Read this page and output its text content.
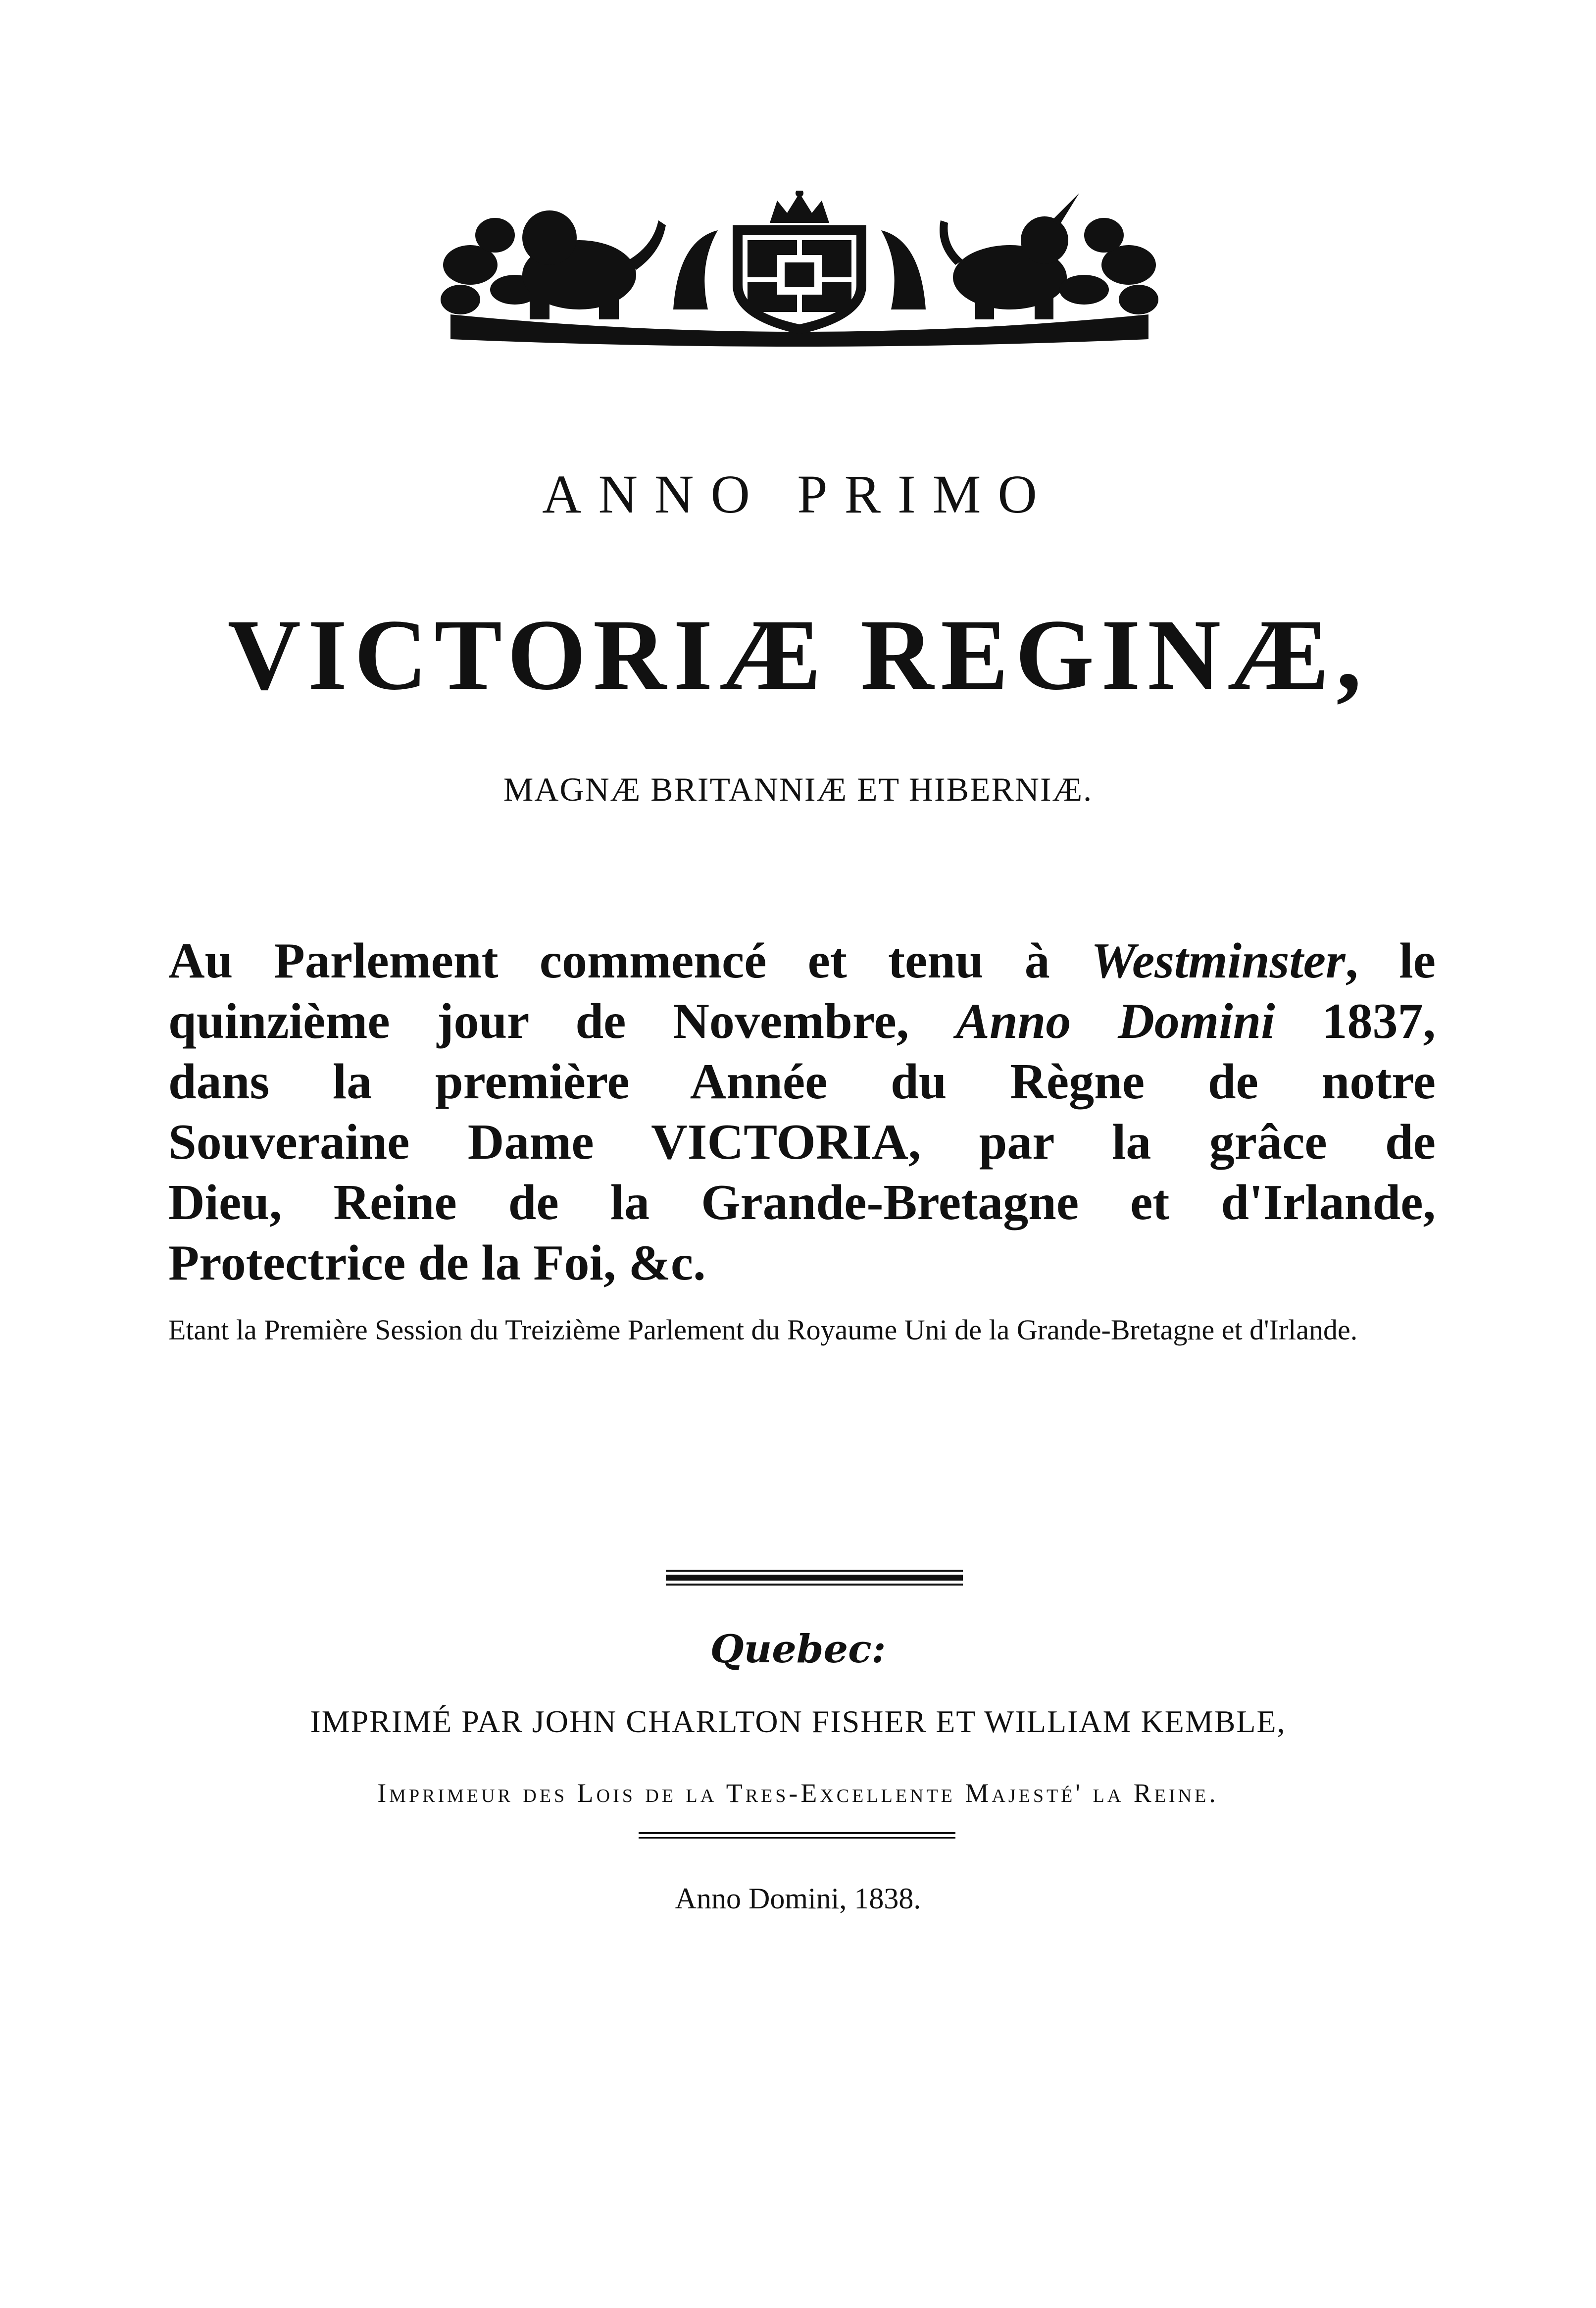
ANNO PRIMO
VICTORIÆ REGINÆ,
MAGNÆ BRITANNIÆ ET HIBERNIÆ.
Au Parlement commencé et tenu à Westminster, le
quinzième jour de Novembre, Anno Domini 1837,
dans la première Année du Règne de notre
Souveraine Dame VICTORIA, par la grâce de
Dieu, Reine de la Grande-Bretagne et d'Irlande,
Protectrice de la Foi, &c.
Etant la Première Session du Treizième Parlement du Royaume Uni de la Grande-Bretagne et d'Irlande.
Quebec:
IMPRIMÉ PAR JOHN CHARLTON FISHER ET WILLIAM KEMBLE,
Imprimeur des Lois de la Tres-Excellente Majesté' la Reine.
Anno Domini, 1838.
